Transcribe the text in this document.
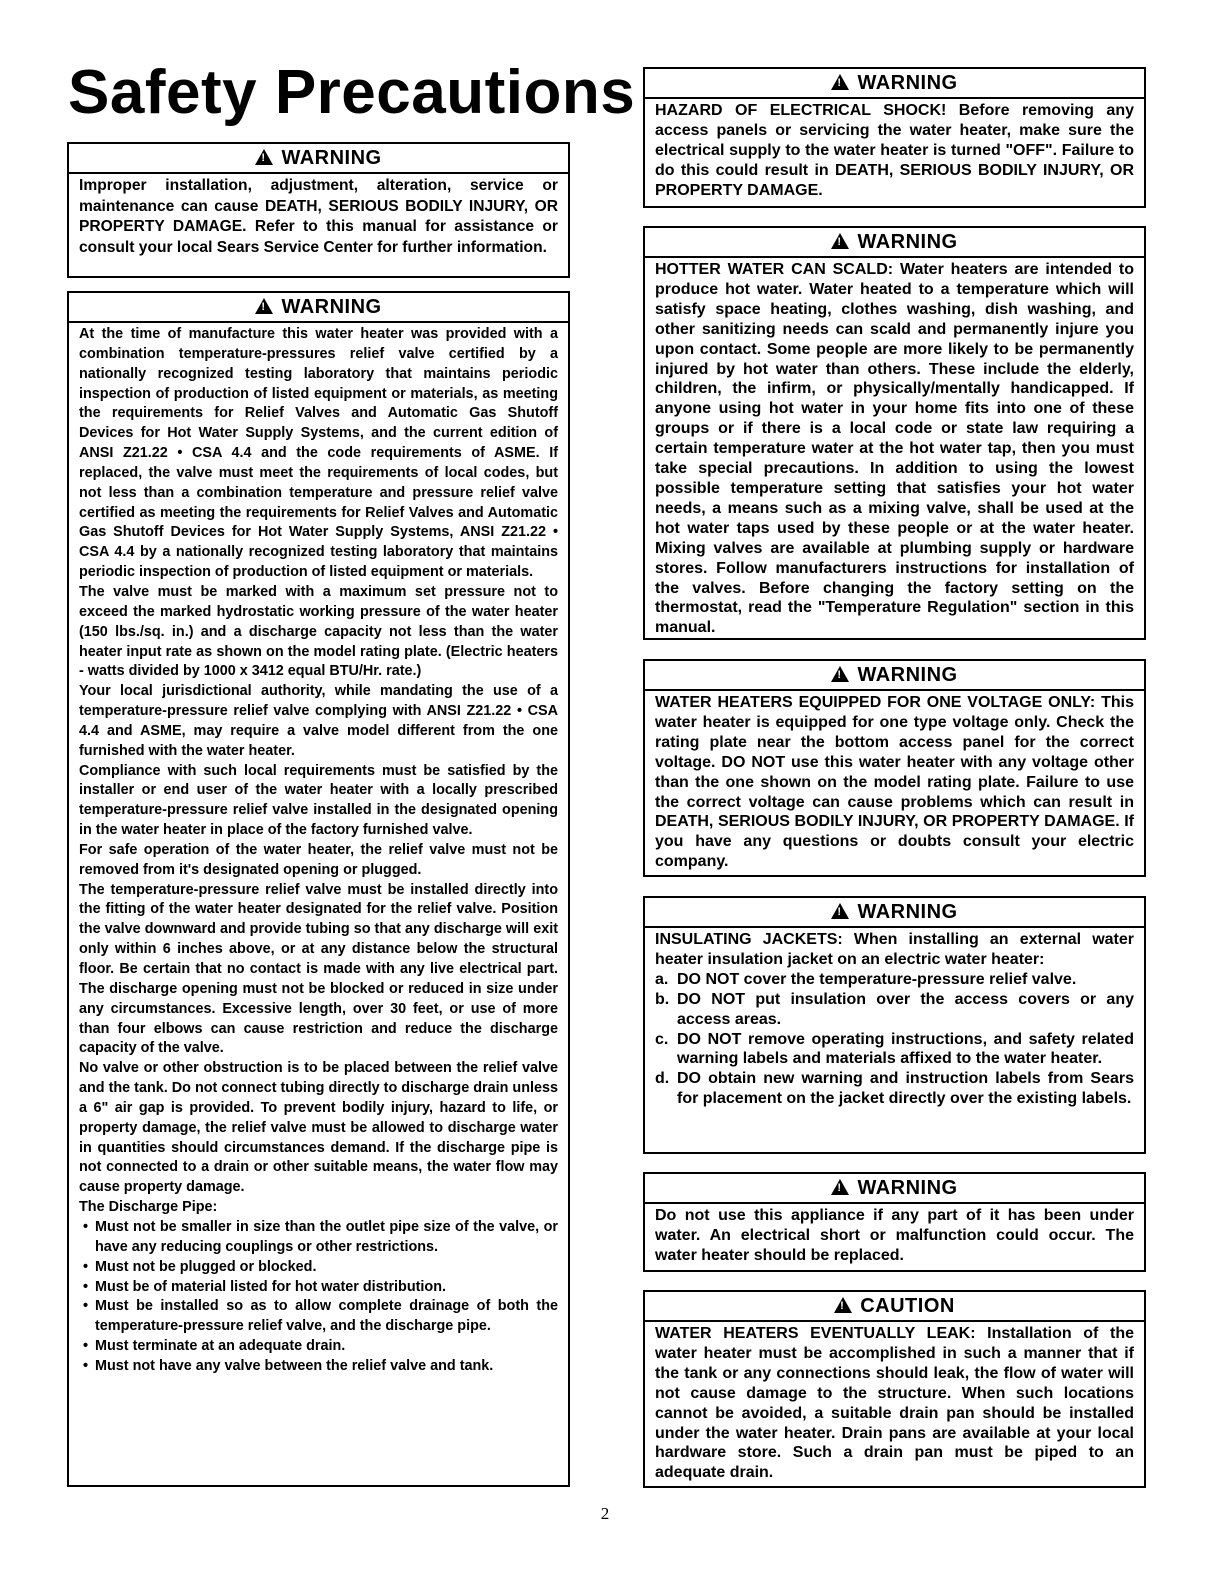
Safety Precautions
! WARNING

Improper installation, adjustment, alteration, service or maintenance can cause DEATH, SERIOUS BODILY INJURY, OR PROPERTY DAMAGE. Refer to this manual for assistance or consult your local Sears Service Center for further information.

! WARNING

At the time of manufacture this water heater was provided with a combination temperature-pressures relief valve certified by a nationally recognized testing laboratory that maintains periodic inspection of production of listed equipment or materials, as meeting the requirements for Relief Valves and Automatic Gas Shutoff Devices for Hot Water Supply Systems, and the current edition of ANSI Z21.22 • CSA 4.4 and the code requirements of ASME. If replaced, the valve must meet the requirements of local codes, but not less than a combination temperature and pressure relief valve certified as meeting the requirements for Relief Valves and Automatic Gas Shutoff Devices for Hot Water Supply Systems, ANSI Z21.22 • CSA 4.4 by a nationally recognized testing laboratory that maintains periodic inspection of production of listed equipment or materials.

The valve must be marked with a maximum set pressure not to exceed the marked hydrostatic working pressure of the water heater (150 lbs./sq. in.) and a discharge capacity not less than the water heater input rate as shown on the model rating plate. (Electric heaters - watts divided by 1000 x 3412 equal BTU/Hr. rate.)

Your local jurisdictional authority, while mandating the use of a temperature-pressure relief valve complying with ANSI Z21.22 • CSA 4.4 and ASME, may require a valve model different from the one furnished with the water heater.

Compliance with such local requirements must be satisfied by the installer or end user of the water heater with a locally prescribed temperature-pressure relief valve installed in the designated opening in the water heater in place of the factory furnished valve.

For safe operation of the water heater, the relief valve must not be removed from it's designated opening or plugged.

The temperature-pressure relief valve must be installed directly into the fitting of the water heater designated for the relief valve. Position the valve downward and provide tubing so that any discharge will exit only within 6 inches above, or at any distance below the structural floor. Be certain that no contact is made with any live electrical part. The discharge opening must not be blocked or reduced in size under any circumstances. Excessive length, over 30 feet, or use of more than four elbows can cause restriction and reduce the discharge capacity of the valve.

No valve or other obstruction is to be placed between the relief valve and the tank. Do not connect tubing directly to discharge drain unless a 6" air gap is provided. To prevent bodily injury, hazard to life, or property damage, the relief valve must be allowed to discharge water in quantities should circumstances demand. If the discharge pipe is not connected to a drain or other suitable means, the water flow may cause property damage.

The Discharge Pipe:

• Must not be smaller in size than the outlet pipe size of the valve, or have any reducing couplings or other restrictions.
• Must not be plugged or blocked.
• Must be of material listed for hot water distribution.
• Must be installed so as to allow complete drainage of both the temperature-pressure relief valve, and the discharge pipe.
• Must terminate at an adequate drain.
• Must not have any valve between the relief valve and tank.
! WARNING

HAZARD OF ELECTRICAL SHOCK! Before removing any access panels or servicing the water heater, make sure the electrical supply to the water heater is turned "OFF". Failure to do this could result in DEATH, SERIOUS BODILY INJURY, OR PROPERTY DAMAGE.

! WARNING

HOTTER WATER CAN SCALD: Water heaters are intended to produce hot water. Water heated to a temperature which will satisfy space heating, clothes washing, dish washing, and other sanitizing needs can scald and permanently injure you upon contact. Some people are more likely to be permanently injured by hot water than others. These include the elderly, children, the infirm, or physically/mentally handicapped. If anyone using hot water in your home fits into one of these groups or if there is a local code or state law requiring a certain temperature water at the hot water tap, then you must take special precautions. In addition to using the lowest possible temperature setting that satisfies your hot water needs, a means such as a mixing valve, shall be used at the hot water taps used by these people or at the water heater. Mixing valves are available at plumbing supply or hardware stores. Follow manufacturers instructions for installation of the valves. Before changing the factory setting on the thermostat, read the "Temperature Regulation" section in this manual.

! WARNING

WATER HEATERS EQUIPPED FOR ONE VOLTAGE ONLY: This water heater is equipped for one type voltage only. Check the rating plate near the bottom access panel for the correct voltage. DO NOT use this water heater with any voltage other than the one shown on the model rating plate. Failure to use the correct voltage can cause problems which can result in DEATH, SERIOUS BODILY INJURY, OR PROPERTY DAMAGE. If you have any questions or doubts consult your electric company.

! WARNING

INSULATING JACKETS: When installing an external water heater insulation jacket on an electric water heater:

a. DO NOT cover the temperature-pressure relief valve.
b. DO NOT put insulation over the access covers or any access areas.
c. DO NOT remove operating instructions, and safety related warning labels and materials affixed to the water heater.
d. DO obtain new warning and instruction labels from Sears for placement on the jacket directly over the existing labels.
! WARNING

Do not use this appliance if any part of it has been under water. An electrical short or malfunction could occur. The water heater should be replaced.

! CAUTION

WATER HEATERS EVENTUALLY LEAK: Installation of the water heater must be accomplished in such a manner that if the tank or any connections should leak, the flow of water will not cause damage to the structure. When such locations cannot be avoided, a suitable drain pan should be installed under the water heater. Drain pans are available at your local hardware store. Such a drain pan must be piped to an adequate drain.

2
